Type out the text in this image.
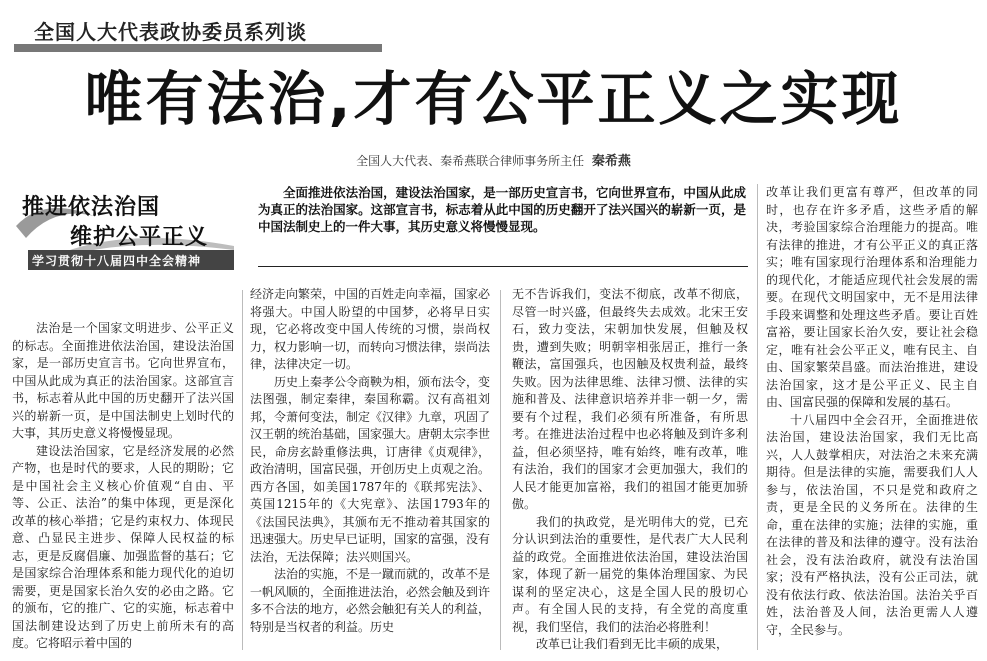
全国人大代表政协委员系列谈
唯有法治,才有公平正义之实现
全国人大代表、秦希燕联合律师事务所主任 秦希燕
推进依法治国
维护公平正义
学习贯彻十八届四中全会精神
全面推进依法治国，建设法治国家，是一部历史宣言书，它向世界宣布，中国从此成为真正的法治国家。这部宣言书，标志着从此中国的历史翻开了法兴国兴的崭新一页，是中国法制史上的一件大事，其历史意义将慢慢显现。

法治是一个国家文明进步、公平正义的标志。全面推进依法治国，建设法治国家，是一部历史宣言书。它向世界宣布，中国从此成为真正的法治国家。这部宣言书，标志着从此中国的历史翻开了法兴国兴的崭新一页，是中国法制史上划时代的大事，其历史意义将慢慢显现。

建设法治国家，它是经济发展的必然产物，也是时代的要求，人民的期盼；它是中国社会主义核心价值观“自由、平等、公正、法治”的集中体现，更是深化改革的核心举措；它是约束权力、体现民意、凸显民主进步、保障人民权益的标志，更是反腐倡廉、加强监督的基石；它是国家综合治理体系和能力现代化的迫切需要，更是国家长治久安的必由之路。它的颁布，它的推广、它的实施，标志着中国法制建设达到了历史上前所未有的高度。它将昭示着中国的

经济走向繁荣，中国的百姓走向幸福，国家必将强大。中国人盼望的中国梦，必将早日实现，它必将改变中国人传统的习惯，崇尚权力，权力影响一切，而转向习惯法律，崇尚法律，法律决定一切。

历史上秦孝公令商鞅为相，颁布法令，变法图强，制定秦律，秦国称霸。汉有高祖刘邦，令萧何变法，制定《汉律》九章，巩固了汉王朝的统治基础，国家强大。唐朝太宗李世民，命房玄龄重修法典，订唐律《贞观律》，政治清明，国富民强，开创历史上贞观之治。西方各国，如美国1787年的《联邦宪法》、英国1215年的《大宪章》、法国1793年的《法国民法典》，其颁布无不推动着其国家的迅速强大。历史早已证明，国家的富强，没有法治，无法保障；法兴则国兴。

法治的实施，不是一蹴而就的，改革不是一帆风顺的，全面推进法治，必然会触及到许多不合法的地方，必然会触犯有关人的利益，特别是当权者的利益。历史

无不告诉我们，变法不彻底，改革不彻底，尽管一时兴盛，但最终失去成效。北宋王安石，致力变法，宋朝加快发展，但触及权贵，遭到失败；明朝宰相张居正，推行一条鞭法，富国强兵，也因触及权贵利益，最终失败。因为法律思维、法律习惯、法律的实施和普及、法律意识培养并非一朝一夕，需要有个过程，我们必须有所准备，有所思考。在推进法治过程中也必将触及到许多利益，但必须坚持，唯有始终，唯有改革，唯有法治，我们的国家才会更加强大，我们的人民才能更加富裕，我们的祖国才能更加骄傲。

我们的执政党，是光明伟大的党，已充分认识到法治的重要性，是代表广大人民利益的政党。全面推进依法治国，建设法治国家，体现了新一届党的集体治理国家、为民谋利的坚定决心，这是全国人民的殷切心声。有全国人民的支持，有全党的高度重视，我们坚信，我们的法治必将胜利！

改革已让我们看到无比丰硕的成果，

改革让我们更富有尊严，但改革的同时，也存在许多矛盾，这些矛盾的解决，考验国家综合治理能力的提高。唯有法律的推进，才有公平正义的真正落实；唯有国家现行治理体系和治理能力的现代化，才能适应现代社会发展的需要。在现代文明国家中，无不是用法律手段来调整和处理这些矛盾。要让百姓富裕，要让国家长治久安，要让社会稳定，唯有社会公平正义，唯有民主、自由、国家繁荣昌盛。而法治推进，建设法治国家，这才是公平正义、民主自由、国富民强的保障和发展的基石。

十八届四中全会召开，全面推进依法治国，建设法治国家，我们无比高兴，人人鼓掌相庆，对法治之未来充满期待。但是法律的实施，需要我们人人参与，依法治国，不只是党和政府之责，更是全民的义务所在。法律的生命，重在法律的实施；法律的实施，重在法律的普及和法律的遵守。没有法治社会，没有法治政府，就没有法治国家；没有严格执法，没有公正司法，就没有依法行政、依法治国。法治关乎百姓，法治普及人间，法治更需人人遵守，全民参与。
